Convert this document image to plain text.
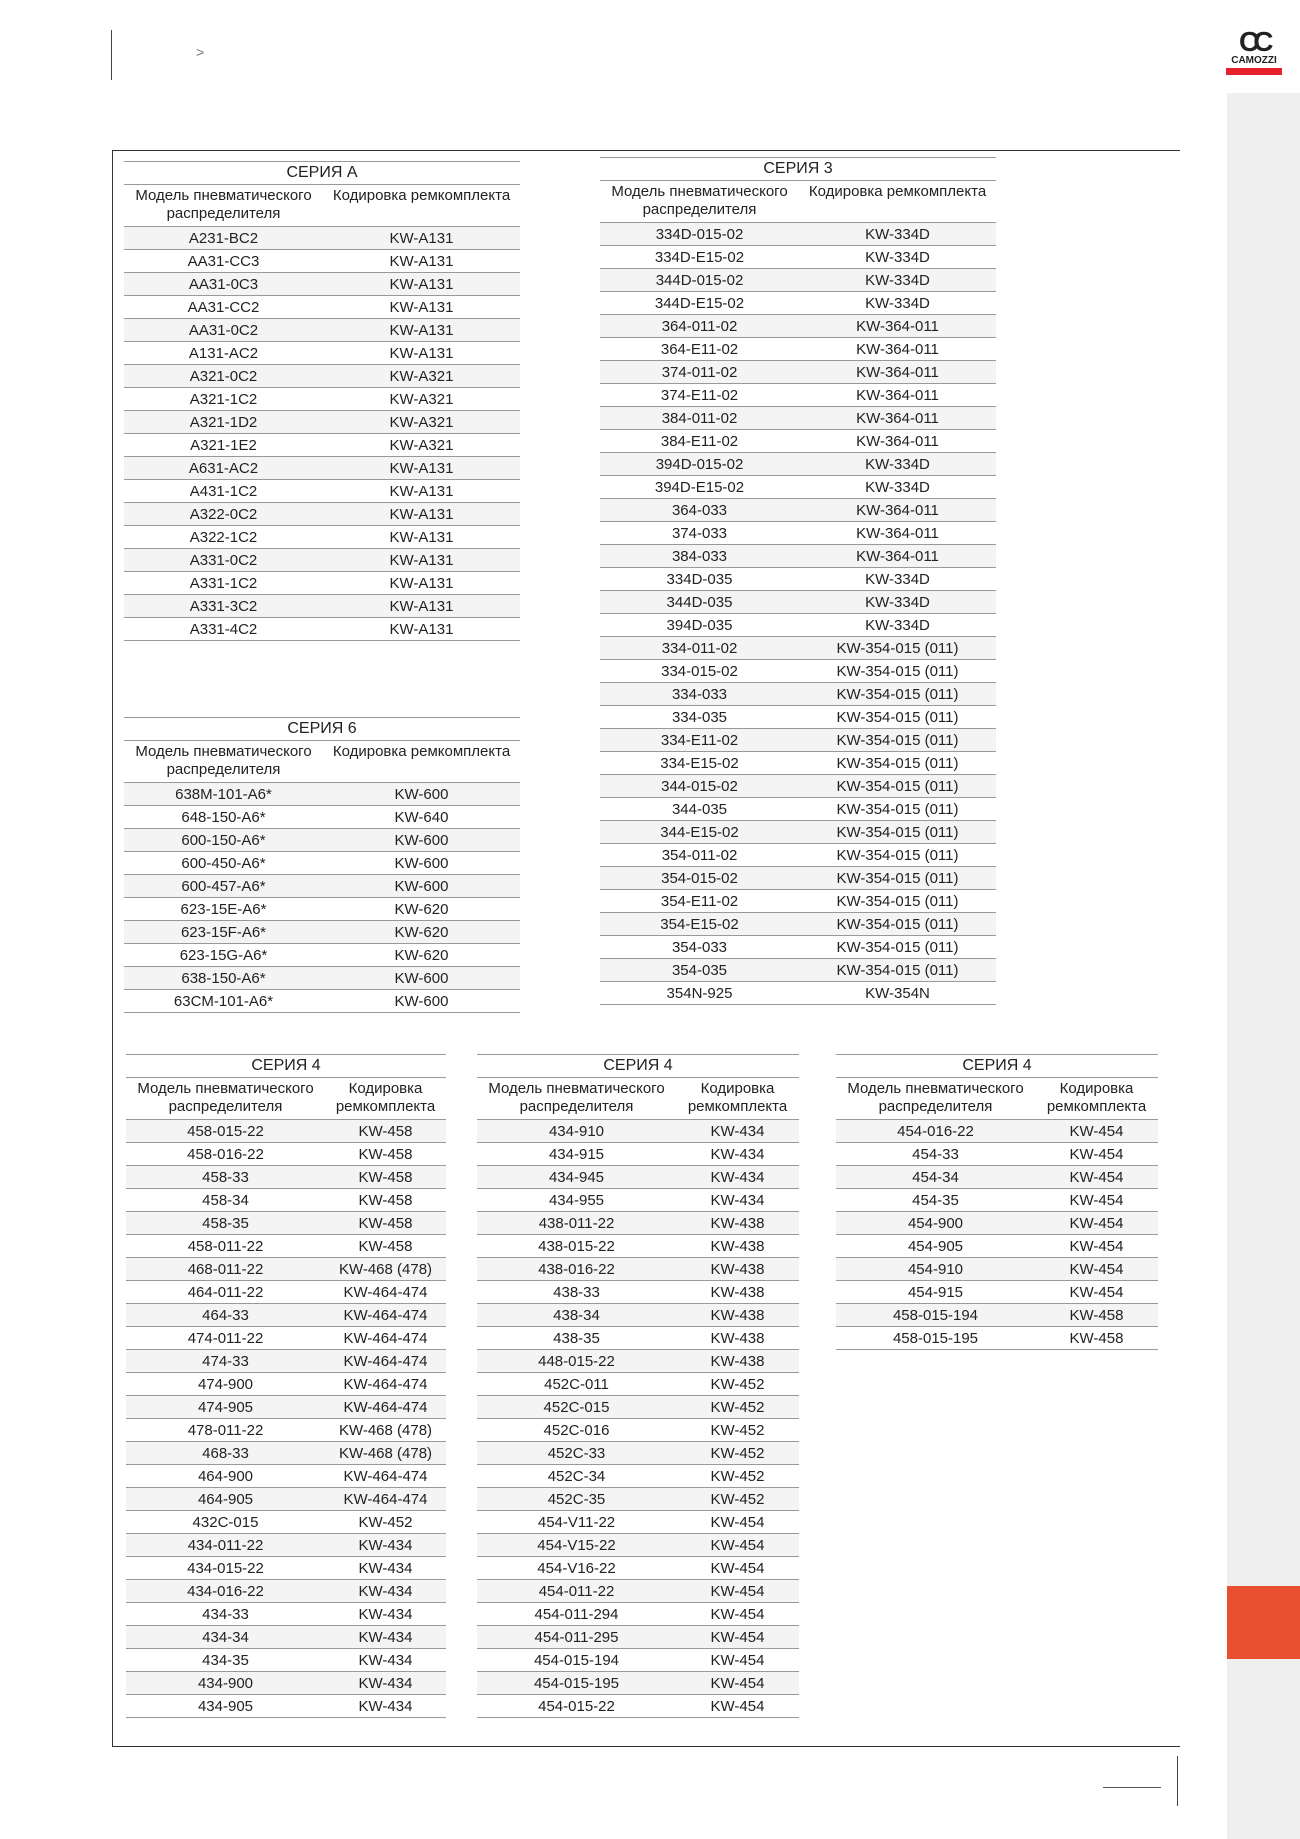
CC
CAMOZZI
>
СЕРИЯ A	
Модель пневматического распределителя	Кодировка ремкомплекта
A231-BC2	KW-A131
AA31-CC3	KW-A131
AA31-0C3	KW-A131
AA31-CC2	KW-A131
AA31-0C2	KW-A131
A131-AC2	KW-A131
A321-0C2	KW-A321
A321-1C2	KW-A321
A321-1D2	KW-A321
A321-1E2	KW-A321
A631-AC2	KW-A131
A431-1C2	KW-A131
A322-0C2	KW-A131
A322-1C2	KW-A131
A331-0C2	KW-A131
A331-1C2	KW-A131
A331-3C2	KW-A131
A331-4C2	KW-A131
СЕРИЯ 3	
Модель пневматического распределителя	Кодировка ремкомплекта
334D-015-02	KW-334D
334D-E15-02	KW-334D
344D-015-02	KW-334D
344D-E15-02	KW-334D
364-011-02	KW-364-011
364-E11-02	KW-364-011
374-011-02	KW-364-011
374-E11-02	KW-364-011
384-011-02	KW-364-011
384-E11-02	KW-364-011
394D-015-02	KW-334D
394D-E15-02	KW-334D
364-033	KW-364-011
374-033	KW-364-011
384-033	KW-364-011
334D-035	KW-334D
344D-035	KW-334D
394D-035	KW-334D
334-011-02	KW-354-015 (011)
334-015-02	KW-354-015 (011)
334-033	KW-354-015 (011)
334-035	KW-354-015 (011)
334-E11-02	KW-354-015 (011)
334-E15-02	KW-354-015 (011)
344-015-02	KW-354-015 (011)
344-035	KW-354-015 (011)
344-E15-02	KW-354-015 (011)
354-011-02	KW-354-015 (011)
354-015-02	KW-354-015 (011)
354-E11-02	KW-354-015 (011)
354-E15-02	KW-354-015 (011)
354-033	KW-354-015 (011)
354-035	KW-354-015 (011)
354N-925	KW-354N
СЕРИЯ 6	
Модель пневматического распределителя	Кодировка ремкомплекта
638M-101-A6*	KW-600
648-150-A6*	KW-640
600-150-A6*	KW-600
600-450-A6*	KW-600
600-457-A6*	KW-600
623-15E-A6*	KW-620
623-15F-A6*	KW-620
623-15G-A6*	KW-620
638-150-A6*	KW-600
63CM-101-A6*	KW-600
СЕРИЯ 4	
Модель пневматического распределителя	Кодировка ремкомплекта
458-015-22	KW-458
458-016-22	KW-458
458-33	KW-458
458-34	KW-458
458-35	KW-458
458-011-22	KW-458
468-011-22	KW-468 (478)
464-011-22	KW-464-474
464-33	KW-464-474
474-011-22	KW-464-474
474-33	KW-464-474
474-900	KW-464-474
474-905	KW-464-474
478-011-22	KW-468 (478)
468-33	KW-468 (478)
464-900	KW-464-474
464-905	KW-464-474
432C-015	KW-452
434-011-22	KW-434
434-015-22	KW-434
434-016-22	KW-434
434-33	KW-434
434-34	KW-434
434-35	KW-434
434-900	KW-434
434-905	KW-434
СЕРИЯ 4	
Модель пневматического распределителя	Кодировка ремкомплекта
434-910	KW-434
434-915	KW-434
434-945	KW-434
434-955	KW-434
438-011-22	KW-438
438-015-22	KW-438
438-016-22	KW-438
438-33	KW-438
438-34	KW-438
438-35	KW-438
448-015-22	KW-438
452C-011	KW-452
452C-015	KW-452
452C-016	KW-452
452C-33	KW-452
452C-34	KW-452
452C-35	KW-452
454-V11-22	KW-454
454-V15-22	KW-454
454-V16-22	KW-454
454-011-22	KW-454
454-011-294	KW-454
454-011-295	KW-454
454-015-194	KW-454
454-015-195	KW-454
454-015-22	KW-454
СЕРИЯ 4	
Модель пневматического распределителя	Кодировка ремкомплекта
454-016-22	KW-454
454-33	KW-454
454-34	KW-454
454-35	KW-454
454-900	KW-454
454-905	KW-454
454-910	KW-454
454-915	KW-454
458-015-194	KW-458
458-015-195	KW-458
